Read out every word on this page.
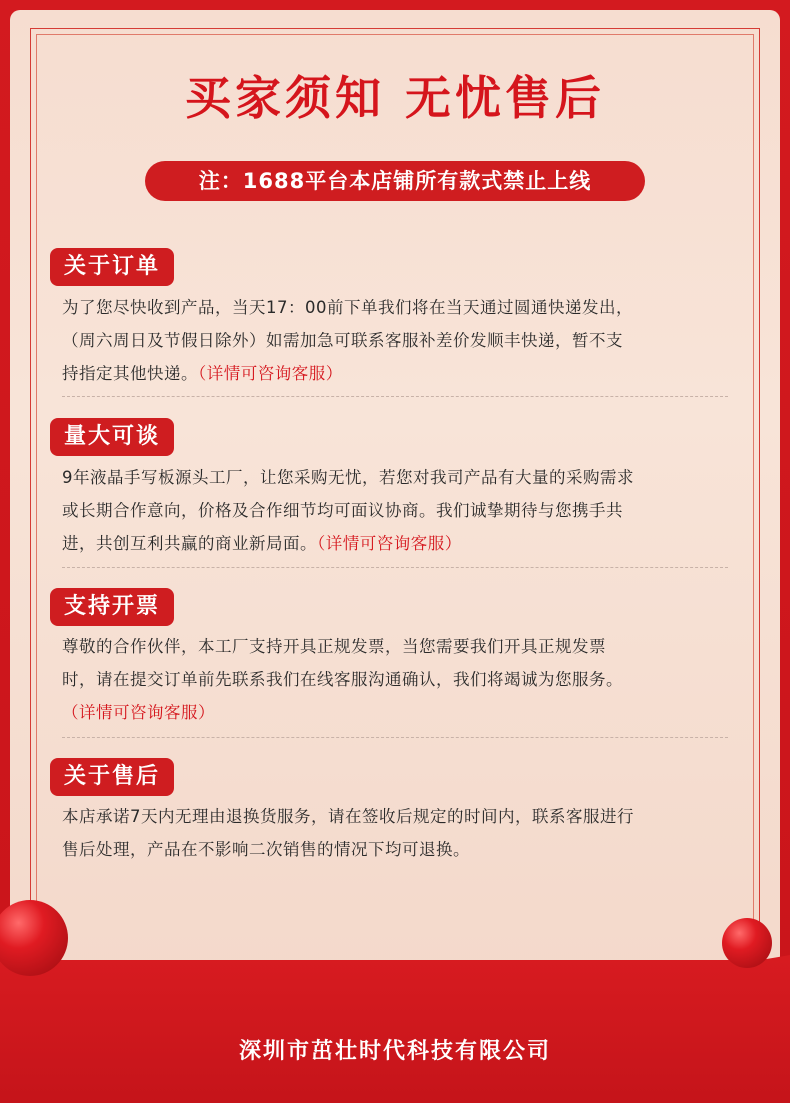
买家须知 无忧售后
注：1688平台本店铺所有款式禁止上线
关于订单
为了您尽快收到产品，当天17：00前下单我们将在当天通过圆通快递发出，
（周六周日及节假日除外）如需加急可联系客服补差价发顺丰快递，暂不支
持指定其他快递。（详情可咨询客服）
量大可谈
9年液晶手写板源头工厂，让您采购无忧，若您对我司产品有大量的采购需求
或长期合作意向，价格及合作细节均可面议协商。我们诚挚期待与您携手共
进，共创互利共赢的商业新局面。（详情可咨询客服）
支持开票
尊敬的合作伙伴，本工厂支持开具正规发票，当您需要我们开具正规发票
时，请在提交订单前先联系我们在线客服沟通确认，我们将竭诚为您服务。
（详情可咨询客服）
关于售后
本店承诺7天内无理由退换货服务，请在签收后规定的时间内，联系客服进行
售后处理，产品在不影响二次销售的情况下均可退换。
深圳市茁壮时代科技有限公司
